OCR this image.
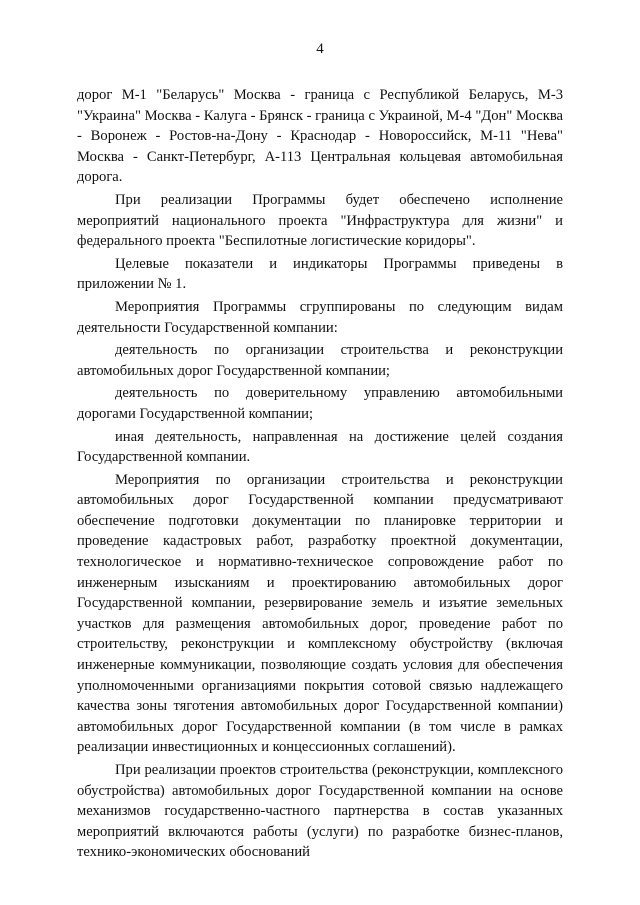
4

дорог М-1 "Беларусь" Москва - граница с Республикой Беларусь, М-3 "Украина" Москва - Калуга - Брянск - граница с Украиной, М-4 "Дон" Москва - Воронеж - Ростов-на-Дону - Краснодар - Новороссийск, М-11 "Нева" Москва - Санкт-Петербург, А-113 Центральная кольцевая автомобильная дорога.

При реализации Программы будет обеспечено исполнение мероприятий национального проекта "Инфраструктура для жизни" и федерального проекта "Беспилотные логистические коридоры".

Целевые показатели и индикаторы Программы приведены в приложении № 1.

Мероприятия Программы сгруппированы по следующим видам деятельности Государственной компании:

деятельность по организации строительства и реконструкции автомобильных дорог Государственной компании;

деятельность по доверительному управлению автомобильными дорогами Государственной компании;

иная деятельность, направленная на достижение целей создания Государственной компании.

Мероприятия по организации строительства и реконструкции автомобильных дорог Государственной компании предусматривают обеспечение подготовки документации по планировке территории и проведение кадастровых работ, разработку проектной документации, технологическое и нормативно-техническое сопровождение работ по инженерным изысканиям и проектированию автомобильных дорог Государственной компании, резервирование земель и изъятие земельных участков для размещения автомобильных дорог, проведение работ по строительству, реконструкции и комплексному обустройству (включая инженерные коммуникации, позволяющие создать условия для обеспечения уполномоченными организациями покрытия сотовой связью надлежащего качества зоны тяготения автомобильных дорог Государственной компании) автомобильных дорог Государственной компании (в том числе в рамках реализации инвестиционных и концессионных соглашений).

При реализации проектов строительства (реконструкции, комплексного обустройства) автомобильных дорог Государственной компании на основе механизмов государственно-частного партнерства в состав указанных мероприятий включаются работы (услуги) по разработке бизнес-планов, технико-экономических обоснований
